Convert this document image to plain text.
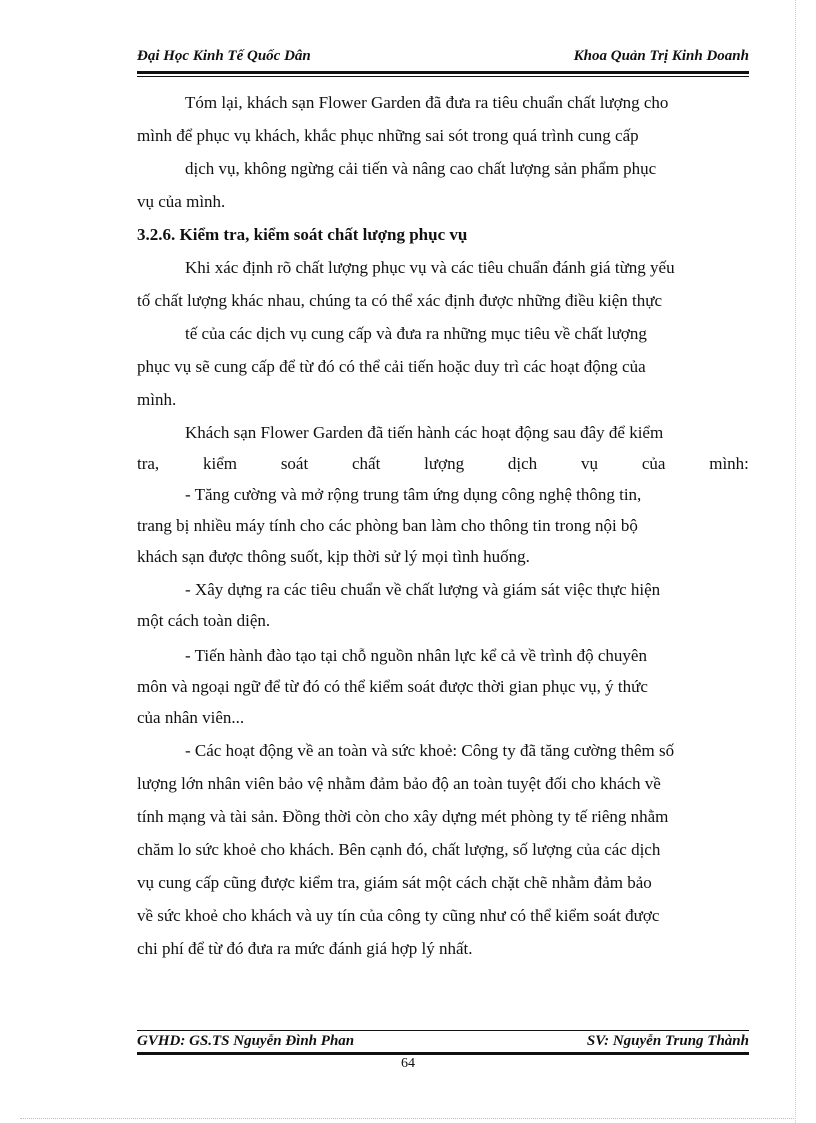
Đại Học Kinh Tế Quốc Dân	Khoa Quản Trị Kinh Doanh
Tóm lại, khách sạn Flower Garden đã đưa ra tiêu chuẩn chất lượng cho
mình để phục vụ khách, khắc phục những sai sót trong quá trình cung cấp
dịch vụ, không ngừng cải tiến và nâng cao chất lượng sản phẩm phục
vụ của mình.
3.2.6. Kiểm tra, kiểm soát chất lượng phục vụ
Khi xác định rõ chất lượng phục vụ và các tiêu chuẩn đánh giá từng yếu
tố chất lượng khác nhau, chúng ta có thể xác định được những điều kiện thực
tế của các dịch vụ cung cấp và đưa ra những mục tiêu về chất lượng
phục vụ sẽ cung cấp để từ đó có thể cải tiến hoặc duy trì các hoạt động của
mình.
Khách sạn Flower Garden đã tiến hành các hoạt động sau đây để kiểm
tra,	kiểm	soát	chất	lượng	dịch	vụ	của	mình:
- Tăng cường và mở rộng trung tâm ứng dụng công nghệ thông tin,
trang bị nhiều máy tính cho các phòng ban làm cho thông tin trong nội bộ
khách sạn được thông suốt, kịp thời sử lý mọi tình huống.
- Xây dựng ra các tiêu chuẩn về chất lượng và giám sát việc thực hiện
một cách toàn diện.
- Tiến hành đào tạo tại chỗ nguồn nhân lực kể cả về trình độ chuyên
môn và ngoại ngữ để từ đó có thể kiểm soát được thời gian phục vụ, ý thức
của nhân viên...
- Các hoạt động về an toàn và sức khoẻ: Công ty đã tăng cường thêm số
lượng lớn nhân viên bảo vệ nhằm đảm bảo độ an toàn tuyệt đối cho khách về
tính mạng và tài sản. Đồng thời còn cho xây dựng mét phòng ty tế riêng nhằm
chăm lo sức khoẻ cho khách. Bên cạnh đó, chất lượng, số lượng của các dịch
vụ cung cấp cũng được kiểm tra, giám sát một cách chặt chẽ nhằm đảm bảo
về sức khoẻ cho khách và uy tín của công ty cũng như có thể kiểm soát được
chi phí để từ đó đưa ra mức đánh giá hợp lý nhất.
GVHD: GS.TS Nguyễn Đình Phan	SV: Nguyễn Trung Thành
64
